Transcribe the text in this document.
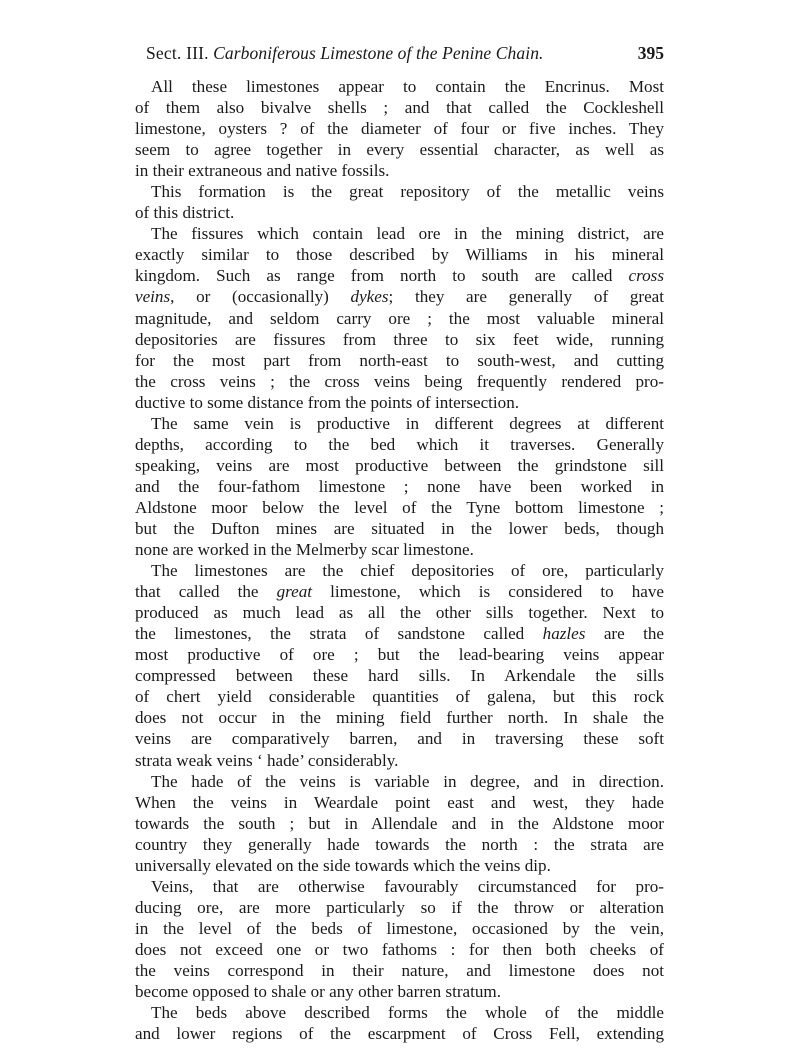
Sect. III. Carboniferous Limestone of the Penine Chain.	395
All these limestones appear to contain the Encrinus. Most
of them also bivalve shells ; and that called the Cockleshell
limestone, oysters ? of the diameter of four or five inches. They
seem to agree together in every essential character, as well as
in their extraneous and native fossils.
This formation is the great repository of the metallic veins
of this district.
The fissures which contain lead ore in the mining district, are
exactly similar to those described by Williams in his mineral
kingdom. Such as range from north to south are called cross
veins, or (occasionally) dykes; they are generally of great
magnitude, and seldom carry ore ; the most valuable mineral
depositories are fissures from three to six feet wide, running
for the most part from north-east to south-west, and cutting
the cross veins ; the cross veins being frequently rendered pro-
ductive to some distance from the points of intersection.
The same vein is productive in different degrees at different
depths, according to the bed which it traverses. Generally
speaking, veins are most productive between the grindstone sill
and the four-fathom limestone ; none have been worked in
Aldstone moor below the level of the Tyne bottom limestone ;
but the Dufton mines are situated in the lower beds, though
none are worked in the Melmerby scar limestone.
The limestones are the chief depositories of ore, particularly
that called the great limestone, which is considered to have
produced as much lead as all the other sills together. Next to
the limestones, the strata of sandstone called hazles are the
most productive of ore ; but the lead-bearing veins appear
compressed between these hard sills. In Arkendale the sills
of chert yield considerable quantities of galena, but this rock
does not occur in the mining field further north. In shale the
veins are comparatively barren, and in traversing these soft
strata weak veins ‘ hade’ considerably.
The hade of the veins is variable in degree, and in direction.
When the veins in Weardale point east and west, they hade
towards the south ; but in Allendale and in the Aldstone moor
country they generally hade towards the north : the strata are
universally elevated on the side towards which the veins dip.
Veins, that are otherwise favourably circumstanced for pro-
ducing ore, are more particularly so if the throw or alteration
in the level of the beds of limestone, occasioned by the vein,
does not exceed one or two fathoms : for then both cheeks of
the veins correspond in their nature, and limestone does not
become opposed to shale or any other barren stratum.
The beds above described forms the whole of the middle
and lower regions of the escarpment of Cross Fell, extending
